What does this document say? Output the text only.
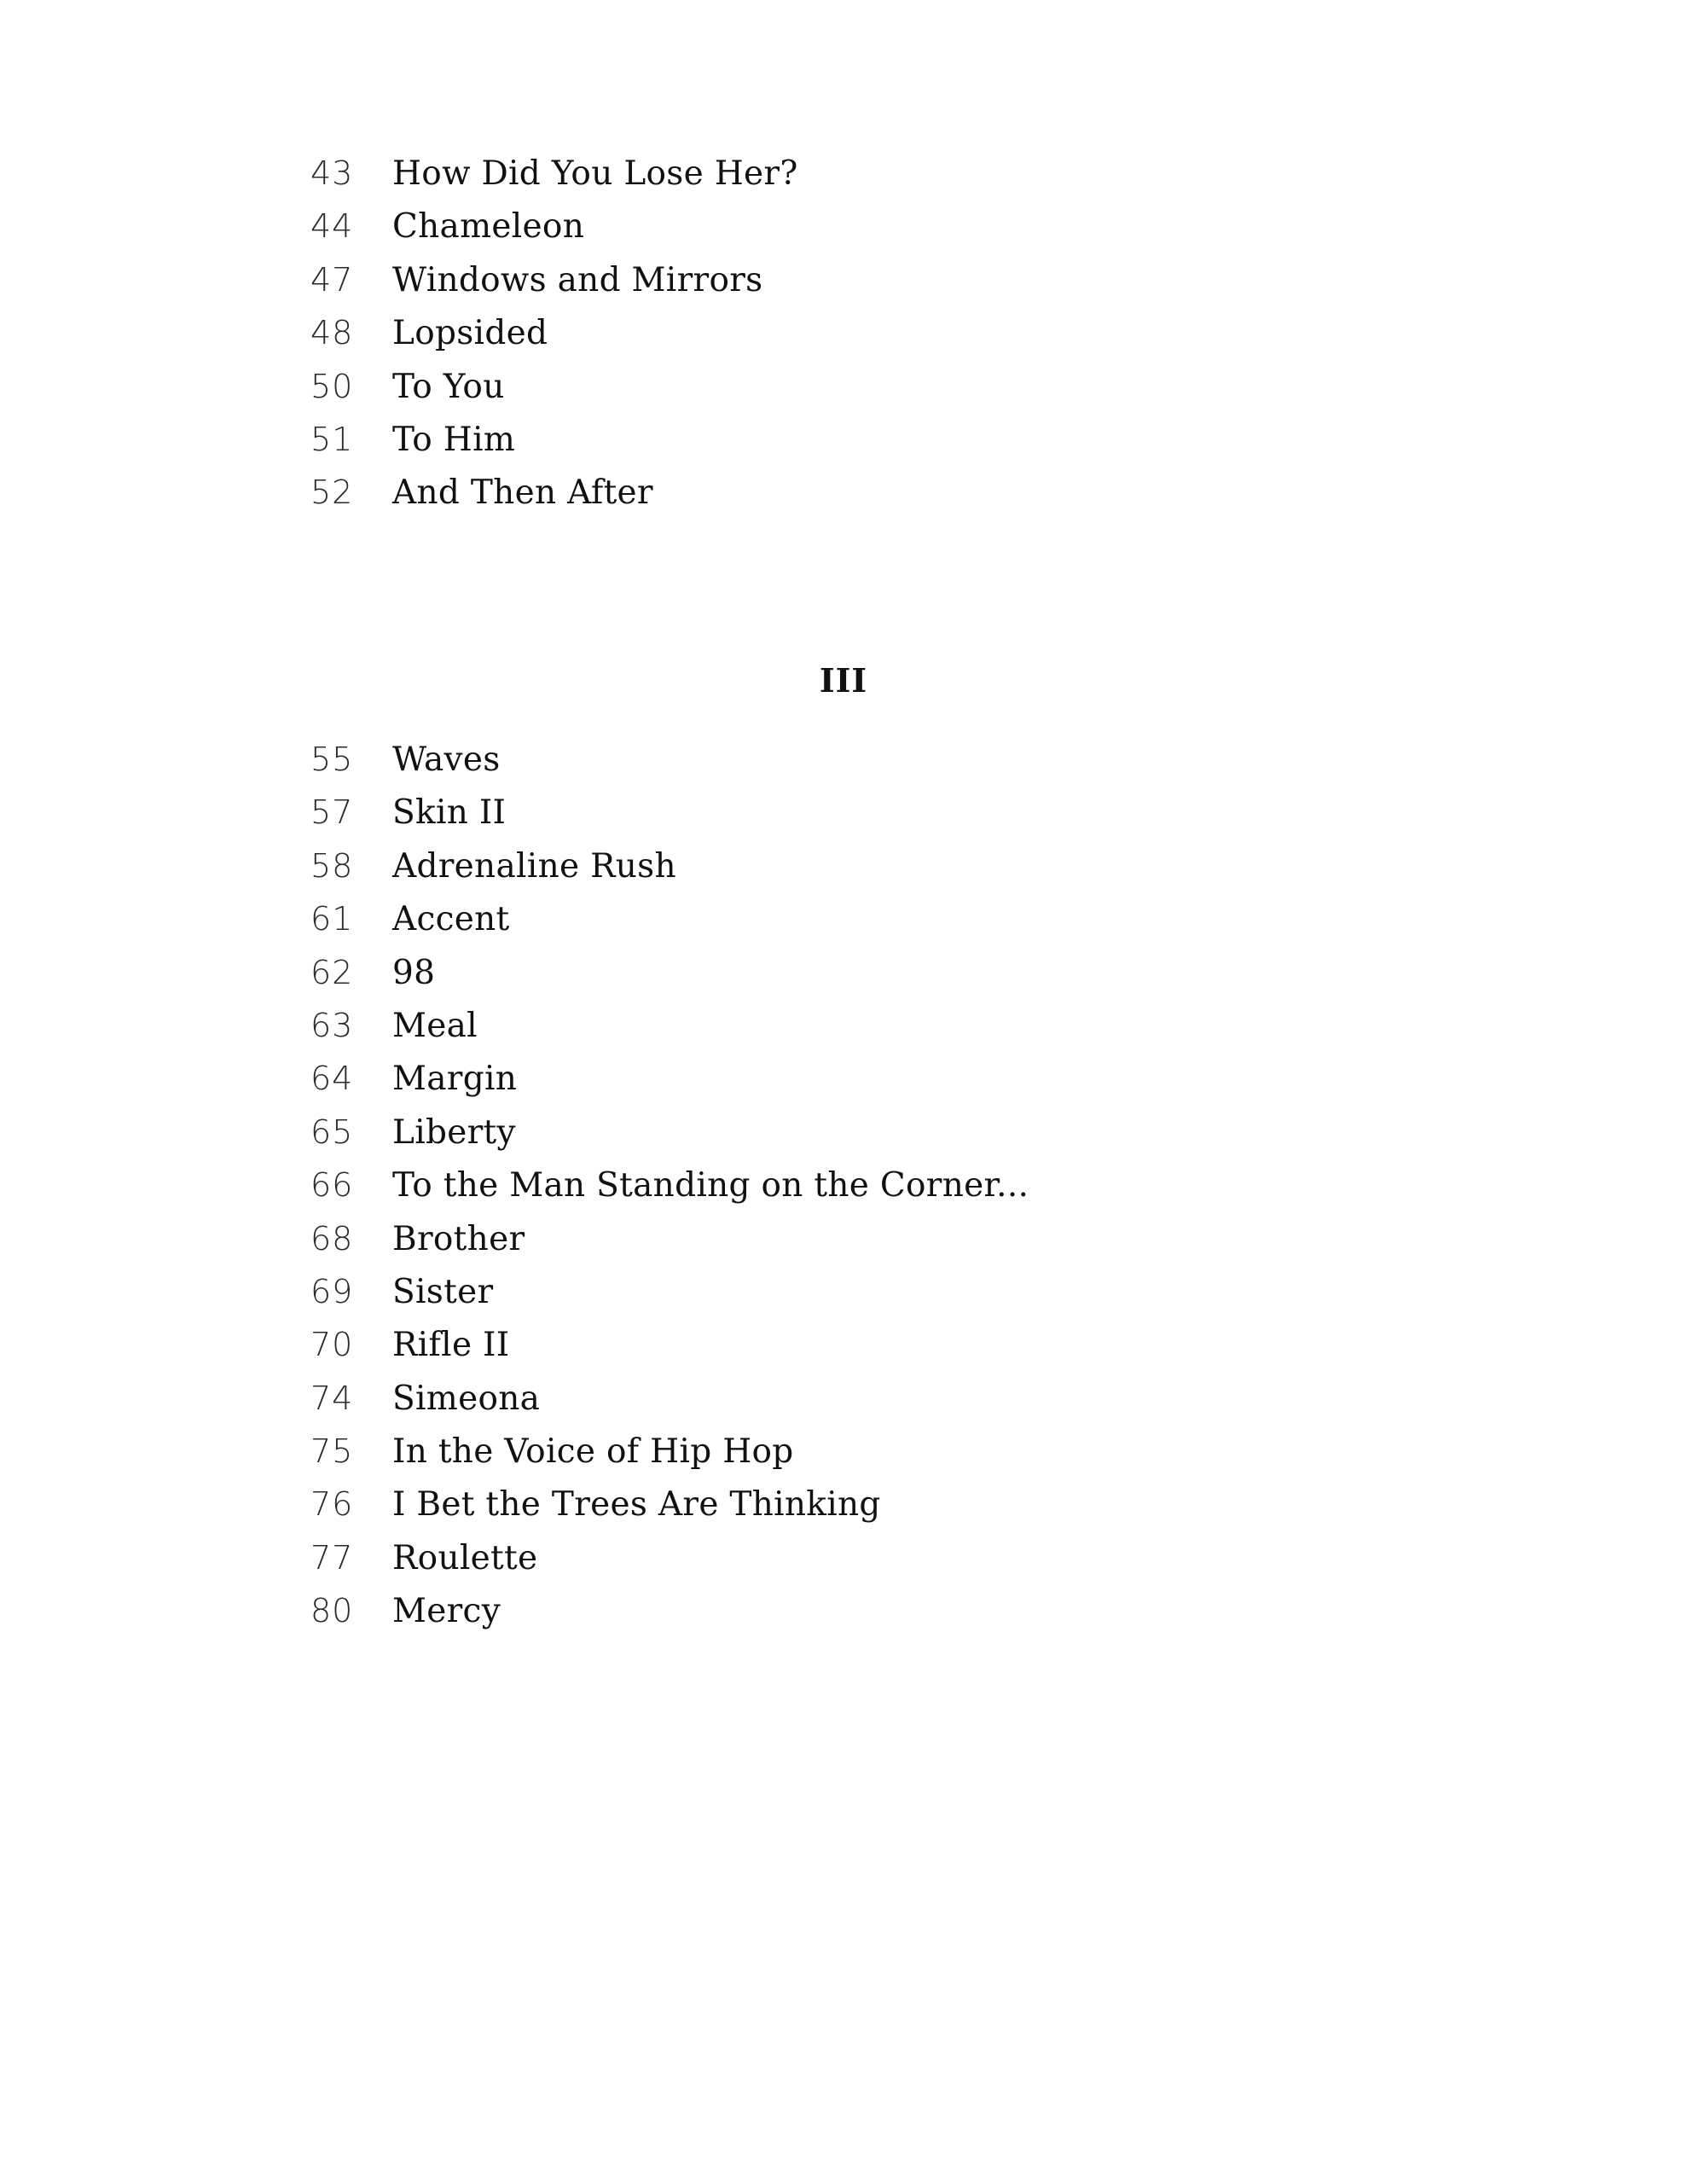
43	How Did You Lose Her?
44	Chameleon
47	Windows and Mirrors
48	Lopsided
50	To You
51	To Him
52	And Then After
III
55	Waves
57	Skin II
58	Adrenaline Rush
61	Accent
62	98
63	Meal
64	Margin
65	Liberty
66	To the Man Standing on the Corner...
68	Brother
69	Sister
70	Rifle II
74	Simeona
75	In the Voice of Hip Hop
76	I Bet the Trees Are Thinking
77	Roulette
80	Mercy
